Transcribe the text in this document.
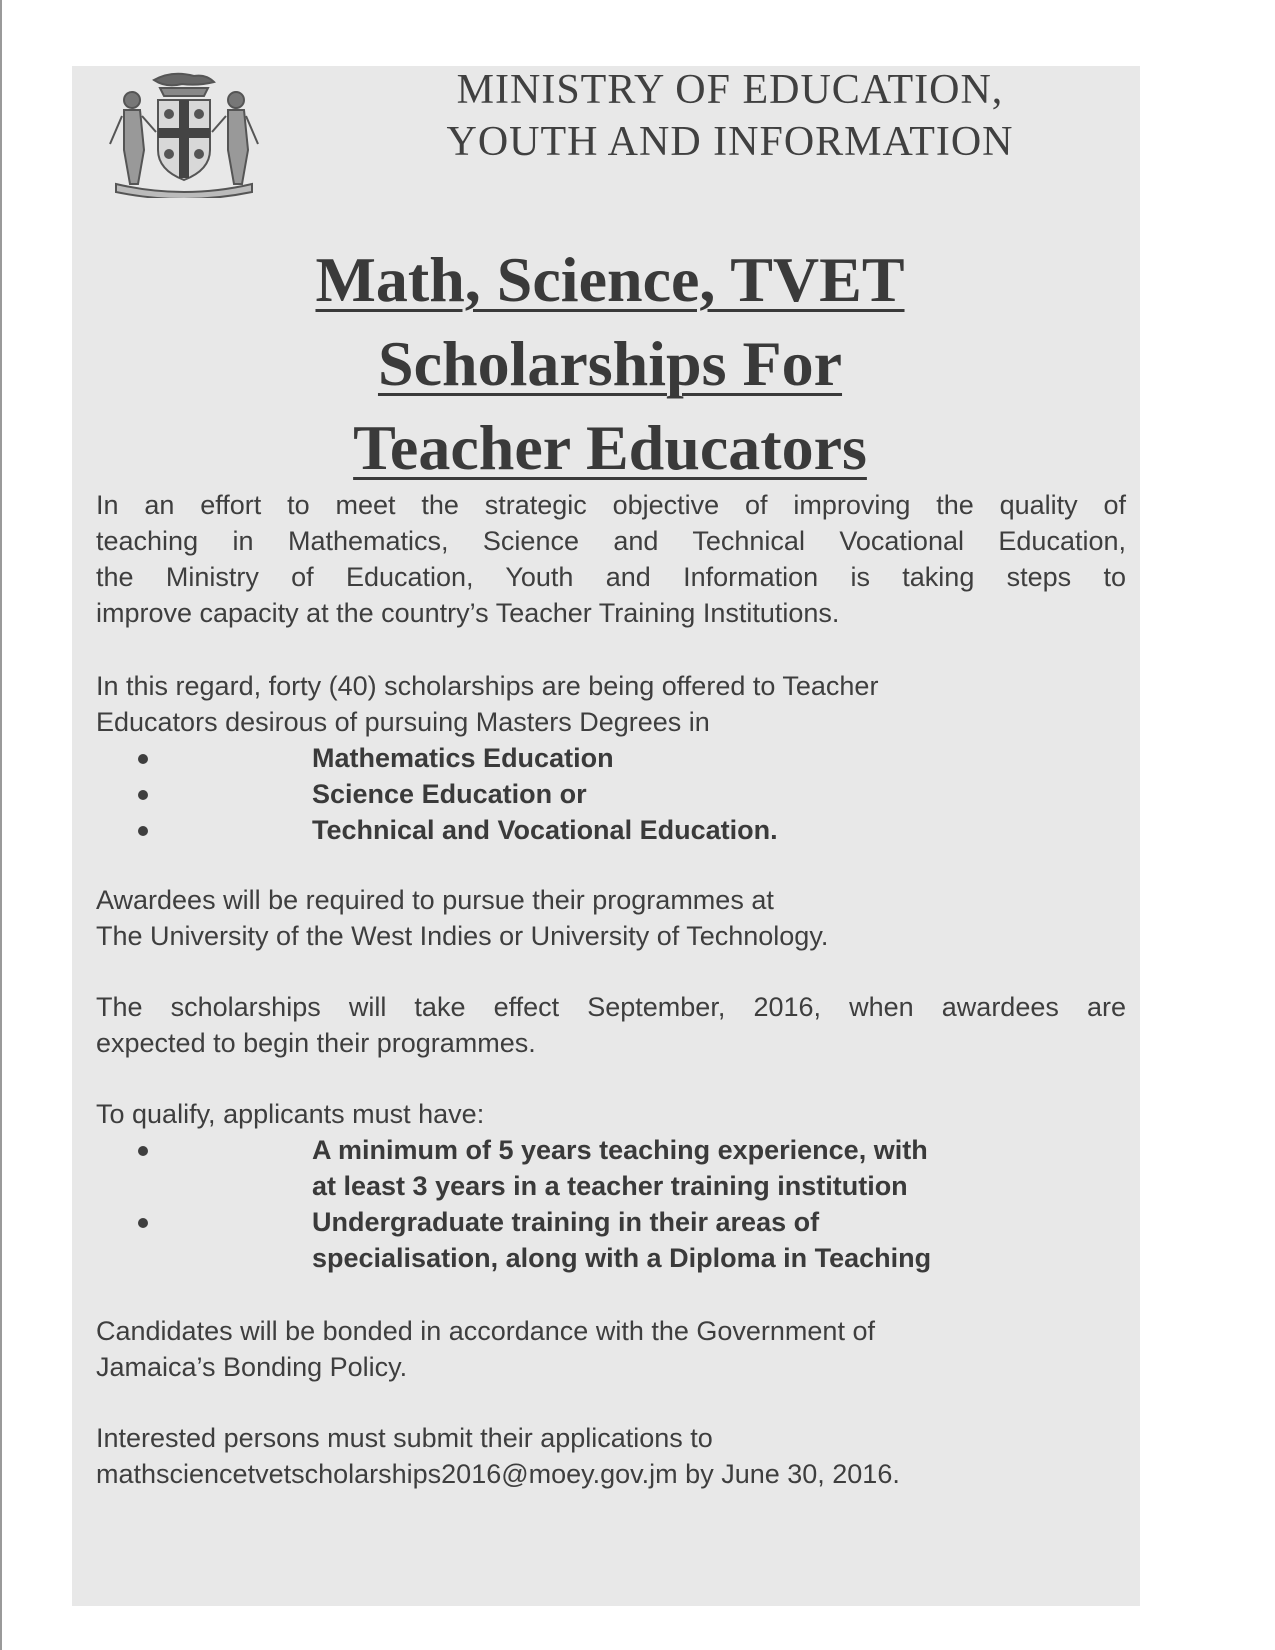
MINISTRY OF EDUCATION,
YOUTH AND INFORMATION
Math, Science, TVET
Scholarships For
Teacher Educators
In an effort to meet the strategic objective of improving the quality of
teaching in Mathematics, Science and Technical Vocational Education,
the Ministry of Education, Youth and Information is taking steps to
improve capacity at the country’s Teacher Training Institutions.
In this regard, forty (40) scholarships are being offered to Teacher
Educators desirous of pursuing Masters Degrees in
Mathematics Education
Science Education or
Technical and Vocational Education.
Awardees will be required to pursue their programmes at
The University of the West Indies or University of Technology.
The scholarships will take effect September, 2016, when awardees are
expected to begin their programmes.
To qualify, applicants must have:
A minimum of 5 years teaching experience, with
at least 3 years in a teacher training institution
Undergraduate training in their areas of
specialisation, along with a Diploma in Teaching
Candidates will be bonded in accordance with the Government of
Jamaica’s Bonding Policy.
Interested persons must submit their applications to
mathsciencetvetscholarships2016@moey.gov.jm by June 30, 2016.
